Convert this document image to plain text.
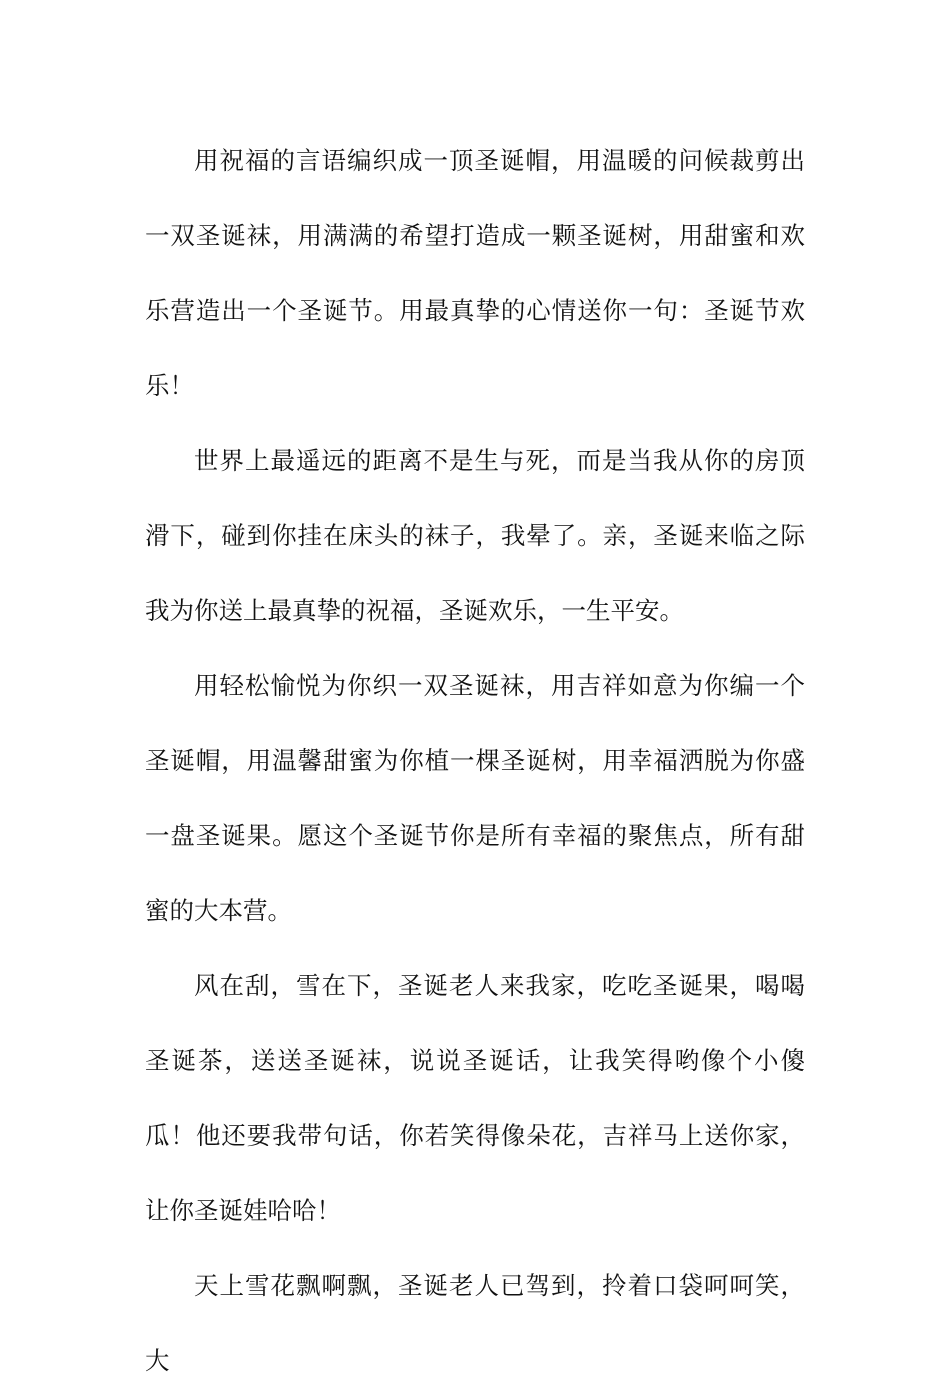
用祝福的言语编织成一顶圣诞帽，用温暖的问候裁剪出一双圣诞袜，用满满的希望打造成一颗圣诞树，用甜蜜和欢乐营造出一个圣诞节。用最真挚的心情送你一句：圣诞节欢乐！

世界上最遥远的距离不是生与死，而是当我从你的房顶滑下，碰到你挂在床头的袜子，我晕了。亲，圣诞来临之际我为你送上最真挚的祝福，圣诞欢乐，一生平安。

用轻松愉悦为你织一双圣诞袜，用吉祥如意为你编一个圣诞帽，用温馨甜蜜为你植一棵圣诞树，用幸福洒脱为你盛一盘圣诞果。愿这个圣诞节你是所有幸福的聚焦点，所有甜蜜的大本营。

风在刮，雪在下，圣诞老人来我家，吃吃圣诞果，喝喝圣诞茶，送送圣诞袜，说说圣诞话，让我笑得哟像个小傻瓜！他还要我带句话，你若笑得像朵花，吉祥马上送你家，让你圣诞娃哈哈！

天上雪花飘啊飘，圣诞老人已驾到，拎着口袋呵呵笑，大
